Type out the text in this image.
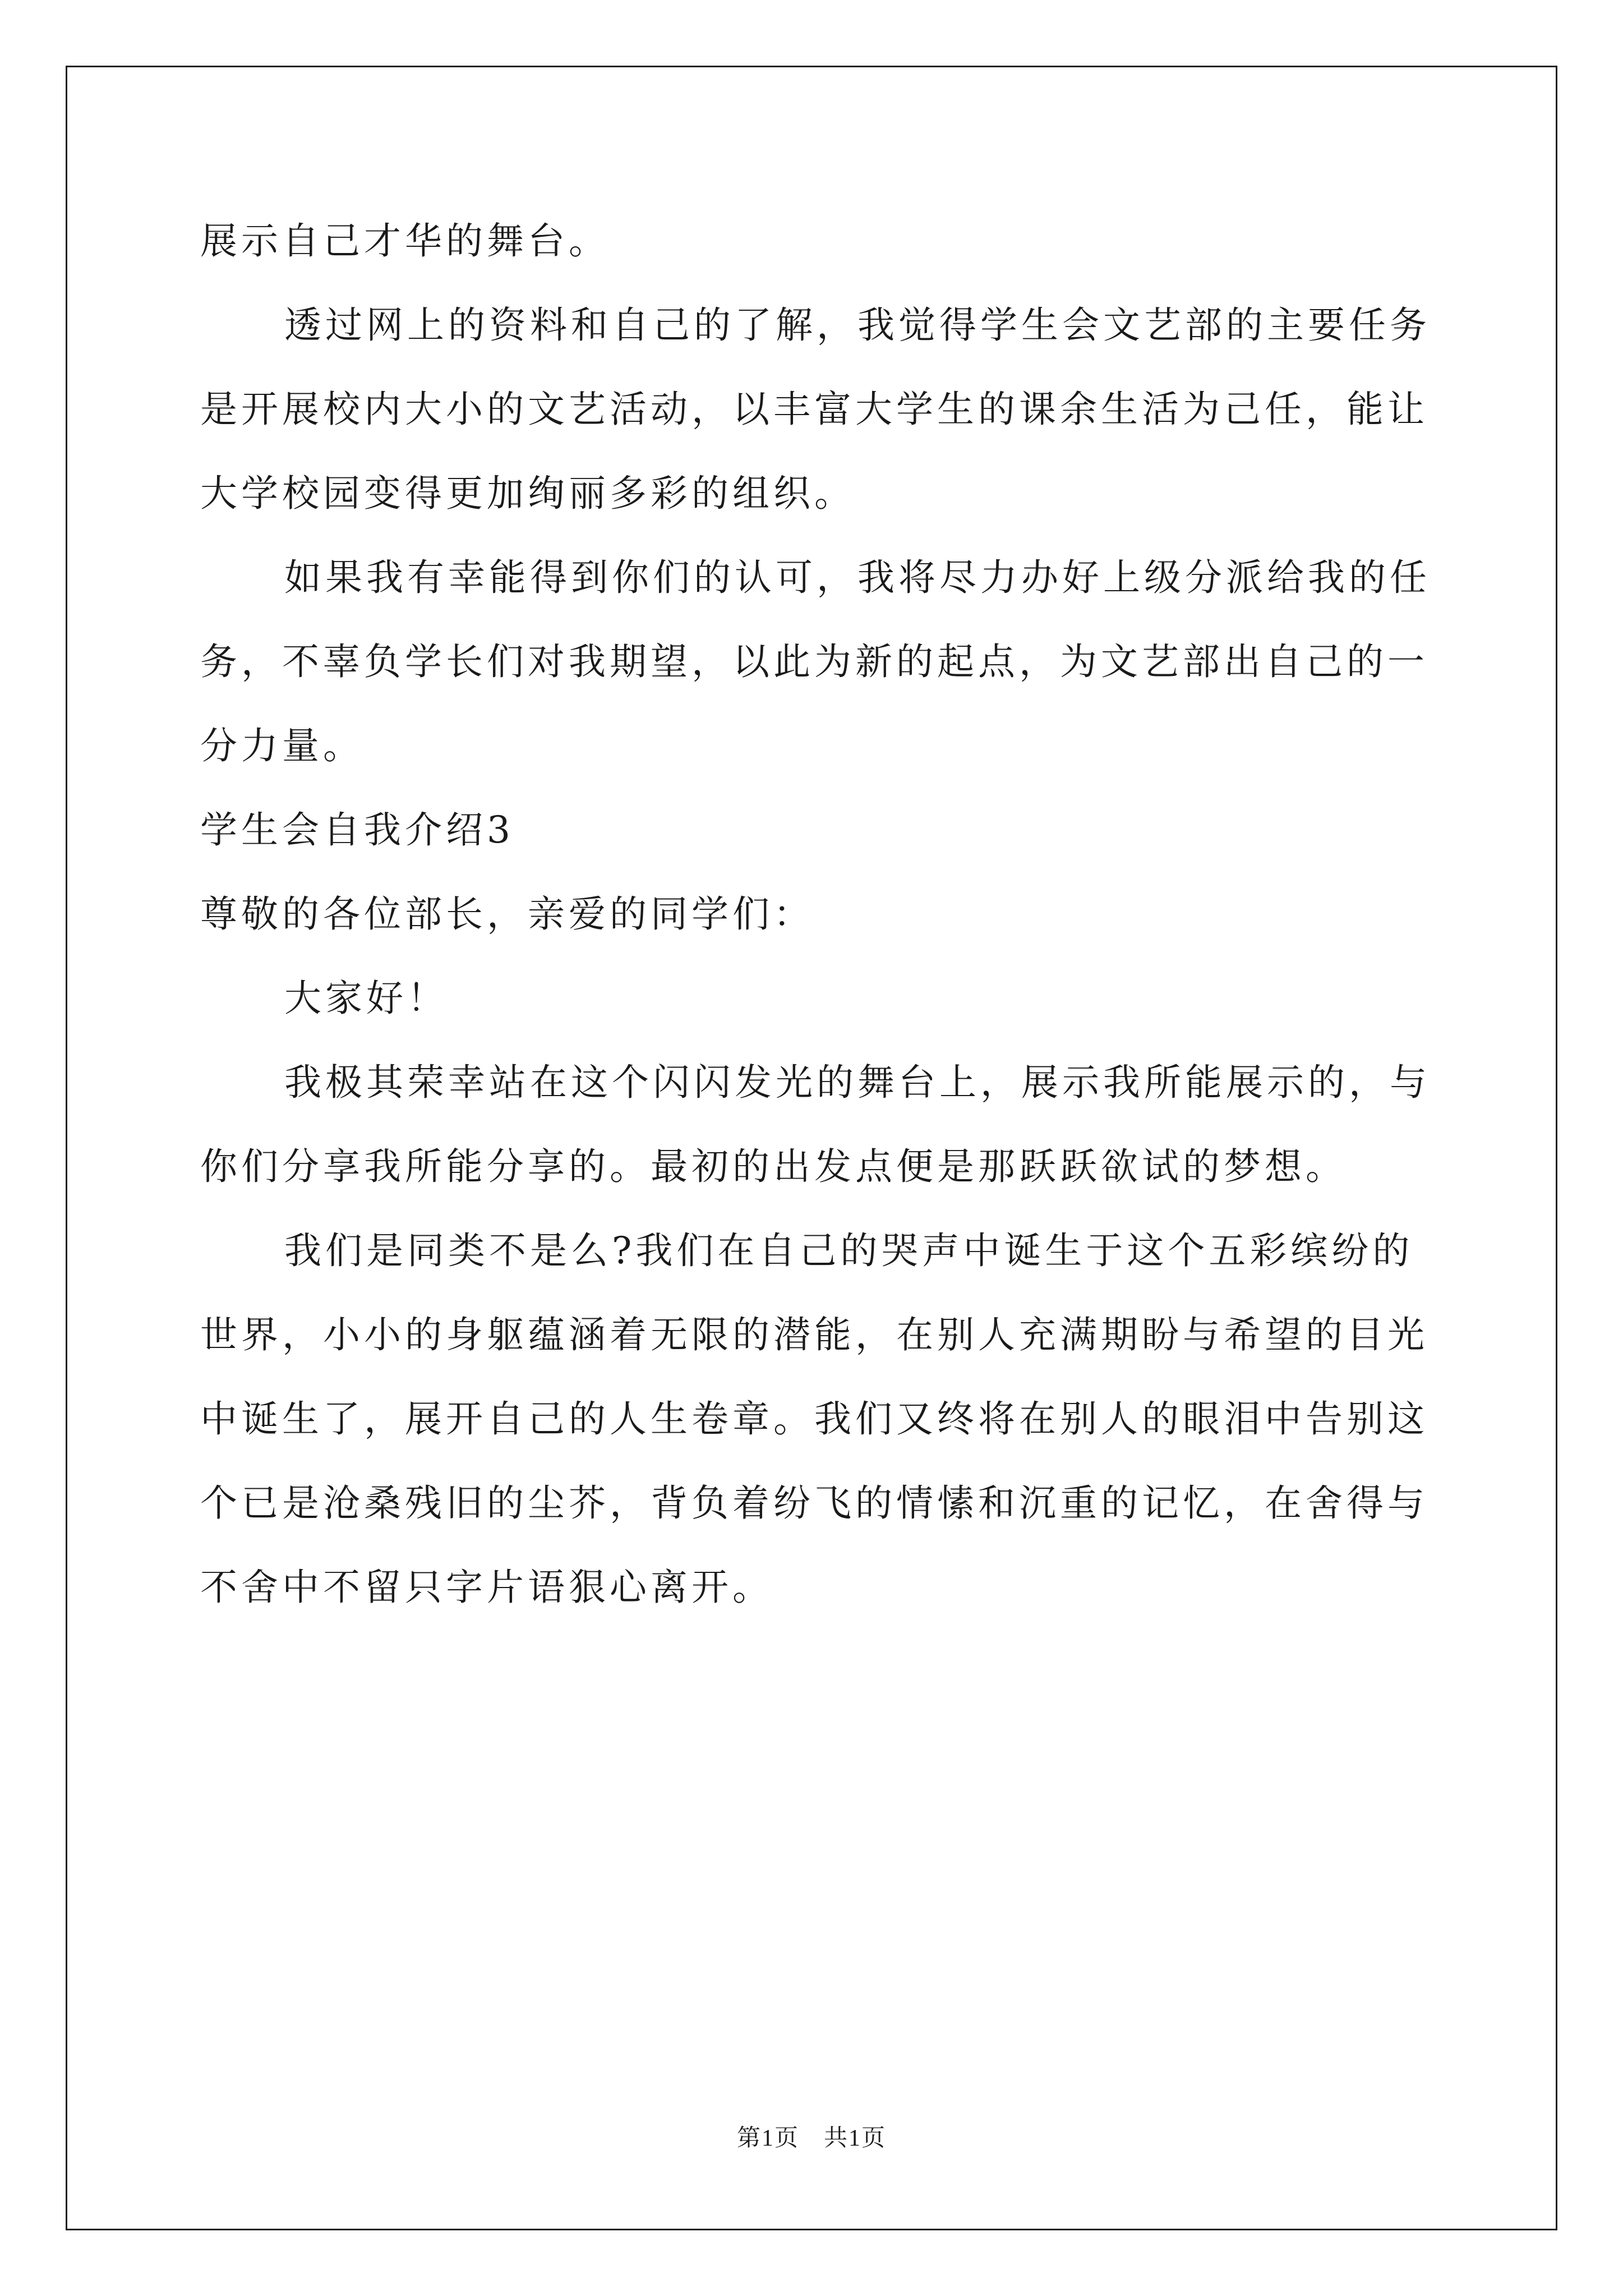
展示自己才华的舞台。
透过网上的资料和自己的了解，我觉得学生会文艺部的主要任务
是开展校内大小的文艺活动，以丰富大学生的课余生活为己任，能让
大学校园变得更加绚丽多彩的组织。
如果我有幸能得到你们的认可，我将尽力办好上级分派给我的任
务，不辜负学长们对我期望，以此为新的起点，为文艺部出自己的一
分力量。
学生会自我介绍3
尊敬的各位部长，亲爱的同学们：
大家好！
我极其荣幸站在这个闪闪发光的舞台上，展示我所能展示的，与
你们分享我所能分享的。最初的出发点便是那跃跃欲试的梦想。
我们是同类不是么?我们在自己的哭声中诞生于这个五彩缤纷的
世界，小小的身躯蕴涵着无限的潜能，在别人充满期盼与希望的目光
中诞生了，展开自己的人生卷章。我们又终将在别人的眼泪中告别这
个已是沧桑残旧的尘芥，背负着纷飞的情愫和沉重的记忆，在舍得与
不舍中不留只字片语狠心离开。
第1页　共1页
